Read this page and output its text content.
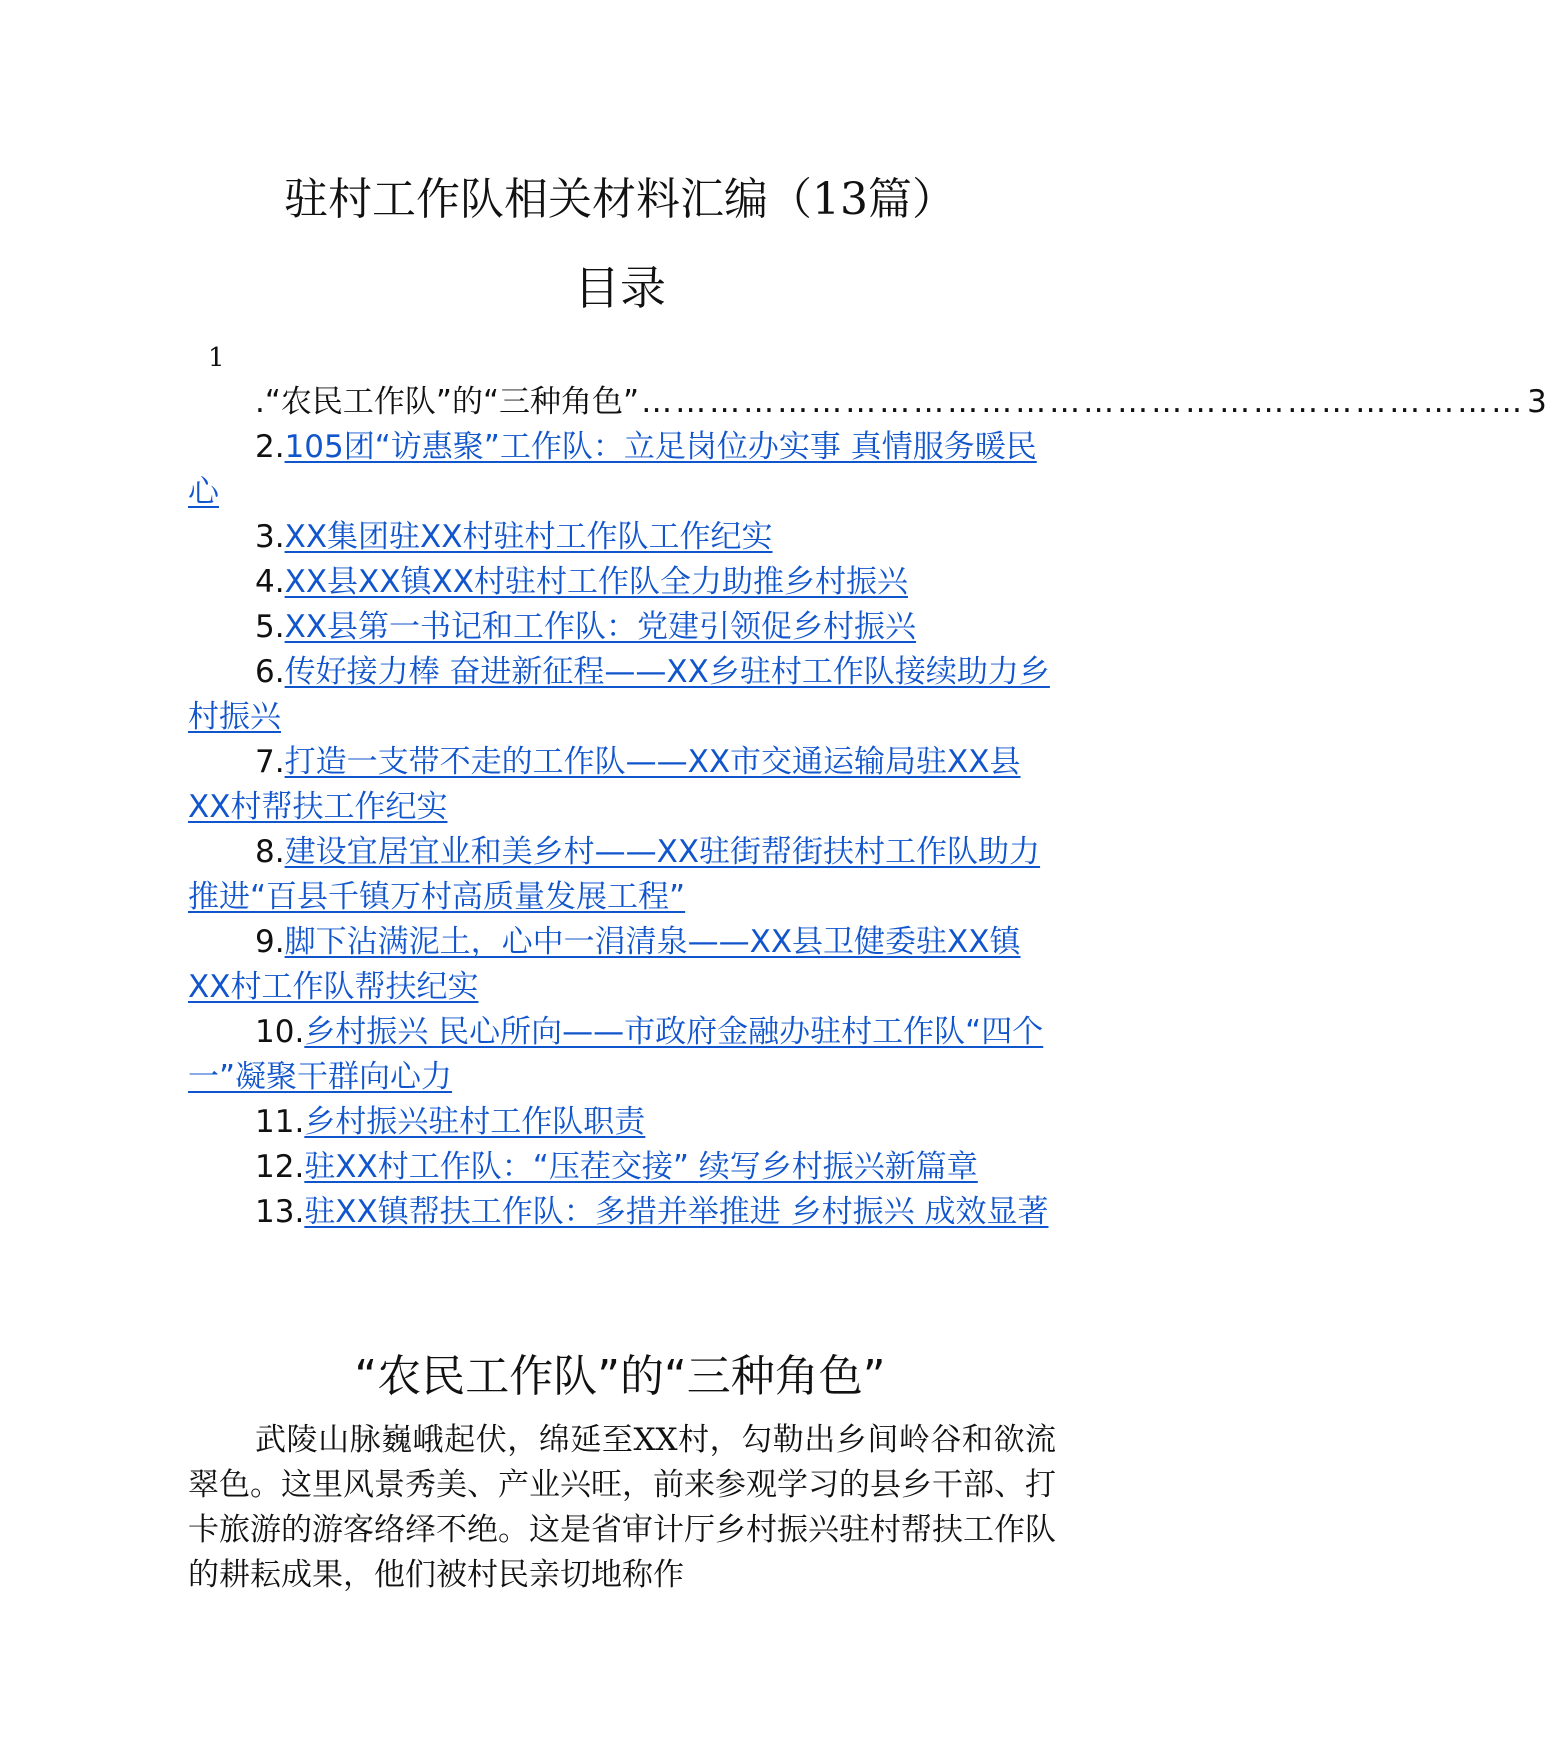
驻村工作队相关材料汇编（13篇）
目录
1
.“农民工作队”的“三种角色” …………………………………………………………………… 3
2.105团“访惠聚”工作队：立足岗位办实事 真情服务暖民心
3.XX集团驻XX村驻村工作队工作纪实
4.XX县XX镇XX村驻村工作队全力助推乡村振兴
5.XX县第一书记和工作队：党建引领促乡村振兴
6.传好接力棒 奋进新征程——XX乡驻村工作队接续助力乡村振兴
7.打造一支带不走的工作队——XX市交通运输局驻XX县XX村帮扶工作纪实
8.建设宜居宜业和美乡村——XX驻街帮街扶村工作队助力推进“百县千镇万村高质量发展工程”
9.脚下沾满泥土，心中一涓清泉——XX县卫健委驻XX镇XX村工作队帮扶纪实
10.乡村振兴 民心所向——市政府金融办驻村工作队“四个一”凝聚干群向心力
11.乡村振兴驻村工作队职责
12.驻XX村工作队：“压茬交接” 续写乡村振兴新篇章
13.驻XX镇帮扶工作队：多措并举推进 乡村振兴 成效显著
“农民工作队”的“三种角色”

武陵山脉巍峨起伏，绵延至XX村，勾勒出乡间岭谷和欲流翠色。这里风景秀美、产业兴旺，前来参观学习的县乡干部、打卡旅游的游客络绎不绝。这是省审计厅乡村振兴驻村帮扶工作队的耕耘成果，他们被村民亲切地称作
